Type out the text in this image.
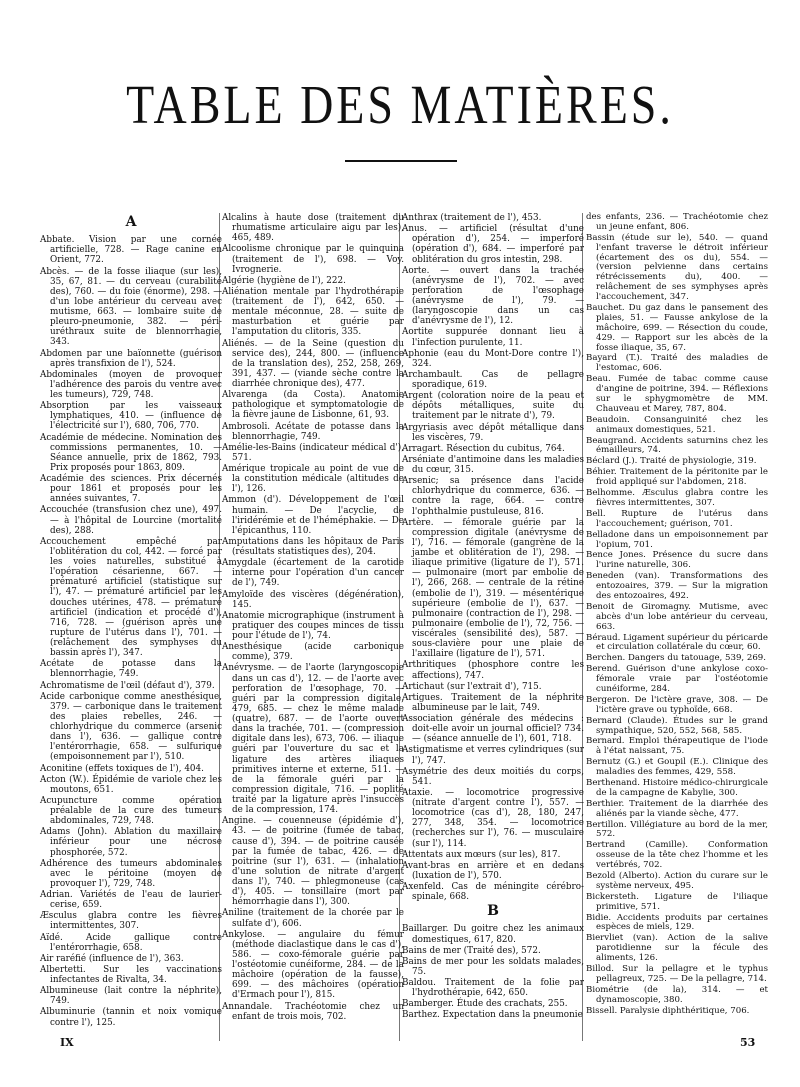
TABLE DES MATIÈRES.
A
Abbate. Vision par une cornée artificielle, 728. — Rage canine en Orient, 772.
Abcès. — de la fosse iliaque (sur les), 35, 67, 81. — du cerveau (curabilité des), 760. — du foie (énorme), 298. — d'un lobe antérieur du cerveau avec mutisme, 663. — lombaire suite de pleuro-pneumonie, 382. — péri-uréthraux suite de blennorrhagie, 343.
Abdomen par une baïonnette (guérison après transfixion de l'), 524.
Abdominales (moyen de provoquer l'adhérence des parois du ventre avec les tumeurs), 729, 748.
Absorption par les vaisseaux lymphatiques, 410. — (influence de l'électricité sur l'), 680, 706, 770.
Académie de médecine. Nomination des commissions permanentes, 10. — Séance annuelle, prix de 1862, 793. Prix proposés pour 1863, 809.
Académie des sciences. Prix décernés pour 1861 et proposés pour les années suivantes, 7.
Accouchée (transfusion chez une), 497. — à l'hôpital de Lourcine (mortalité des), 288.
Accouchement empêché par l'oblitération du col, 442. — forcé par les voies naturelles, substitué à l'opération césarienne, 667. — prématuré artificiel (statistique sur l'), 47. — prématuré artificiel par les douches utérines, 478. — prématuré artificiel (indication et procédé d'), 716, 728. — (guérison après une rupture de l'utérus dans l'), 701. — (relâchement des symphyses du bassin après l'), 347.
Acétate de potasse dans la blennorrhagie, 749.
Achromatisme de l'œil (défaut d'), 379.
Acide carbonique comme anesthésique, 379. — carbonique dans le traitement des plaies rebelles, 246. — chlorhydrique du commerce (arsenic dans l'), 636. — gallique contre l'entérorrhagie, 658. — sulfurique (empoisonnement par l'), 510.
Aconitine (effets toxiques de l'), 404.
Acton (W.). Épidémie de variole chez les moutons, 651.
Acupuncture comme opération préalable de la cure des tumeurs abdominales, 729, 748.
Adams (John). Ablation du maxillaire inférieur pour une nécrose phosphorée, 572.
Adhérence des tumeurs abdominales avec le péritoine (moyen de provoquer l'), 729, 748.
Adrian. Variétés de l'eau de laurier-cerise, 659.
Æsculus glabra contre les fièvres intermittentes, 307.
Aïdé. Acide gallique contre l'entérorrhagie, 658.
Air raréfié (influence de l'), 363.
Albertetti. Sur les vaccinations infectantes de Rivalta, 34.
Albumineuse (lait contre la néphrite), 749.
Albuminurie (tannin et noix vomique contre l'), 125.
Alcalins à haute dose (traitement du rhumatisme articulaire aigu par les), 465, 489.
Alcoolisme chronique par le quinquina (traitement de l'), 698. — Voy. Ivrognerie.
Algérie (hygiène de l'), 222.
Aliénation mentale par l'hydrothérapie (traitement de l'), 642, 650. — mentale méconnue, 28. — suite de masturbation et guérie par l'amputation du clitoris, 335.
Aliénés. — de la Seine (question du service des), 244, 800. — (influence de la translation des), 252, 258, 269, 391, 437. — (viande sèche contre la diarrhée chronique des), 477.
Alvarenga (da Costa). Anatomie pathologique et symptomatologie de la fièvre jaune de Lisbonne, 61, 93.
Ambrosoli. Acétate de potasse dans la blennorrhagie, 749.
Amélie-les-Bains (indicateur médical d'), 571.
Amérique tropicale au point de vue de la constitution médicale (altitudes de l'), 126.
Ammon (d'). Développement de l'œil humain. — De l'acyclie, de l'iridérémie et de l'héméphakie. — De l'épicanthus, 110.
Amputations dans les hôpitaux de Paris (résultats statistiques des), 204.
Amygdale (écartement de la carotide interne pour l'opération d'un cancer de l'), 749.
Amyloïde des viscères (dégénération), 145.
Anatomie micrographique (instrument à pratiquer des coupes minces de tissu pour l'étude de l'), 74.
Anesthésique (acide carbonique comme), 379.
Anévrysme. — de l'aorte (laryngoscopie dans un cas d'), 12. — de l'aorte avec perforation de l'œsophage, 70. — guéri par la compression digitale, 479, 685. — chez le même malade (quatre), 687. — de l'aorte ouvert dans la trachée, 701. — (compression digitale dans les), 673, 706. — iliaque guéri par l'ouverture du sac et la ligature des artères iliaques primitives interne et externe, 511. — de la fémorale guéri par la compression digitale, 716. — poplité traité par la ligature après l'insuccès de la compression, 174.
Angine. — couenneuse (épidémie d'), 43. — de poitrine (fumée de tabac, cause d'), 394. — de poitrine causée par la fumée de tabac, 426. — de poitrine (sur l'), 631. — (inhalation d'une solution de nitrate d'argent dans l'), 740. — phlegmoneuse (cas d'), 405. — tonsillaire (mort par hémorrhagie dans l'), 300.
Aniline (traitement de la chorée par le sulfate d'), 606.
Ankylose. — angulaire du fémur (méthode diaclastique dans le cas d'), 586. — coxo-fémorale guérie par l'ostéotomie cunéiforme, 284. — de la mâchoire (opération de la fausse), 699. — des mâchoires (opération d'Ermach pour l'), 815.
Annandale. Trachéotomie chez un enfant de trois mois, 702.
Anthrax (traitement de l'), 453.
Anus. — artificiel (résultat d'une opération d'), 254. — imperforé (opération d'), 684. — imperforé par oblitération du gros intestin, 298.
Aorte. — ouvert dans la trachée (anévrysme de l'), 702. — avec perforation de l'œsophage (anévrysme de l'), 79. — (laryngoscopie dans un cas d'anévrysme de l'), 12.
Aortite suppurée donnant lieu à l'infection purulente, 11.
Aphonie (eau du Mont-Dore contre l'), 324.
Archambault. Cas de pellagre sporadique, 619.
Argent (coloration noire de la peau et dépôts métalliques, suite du traitement par le nitrate d'), 79.
Argyriasis avec dépôt métallique dans les viscères, 79.
Arragart. Résection du cubitus, 764.
Arséniate d'antimoine dans les maladies du cœur, 315.
Arsenic; sa présence dans l'acide chlorhydrique du commerce, 636. — contre la rage, 664. — contre l'ophthalmie pustuleuse, 816.
Artère. — fémorale guérie par la compression digitale (anévrysme de l'), 716. — fémorale (gangrène de la jambe et oblitération de l'), 298. — iliaque primitive (ligature de l'), 571. — pulmonaire (mort par embolie de l'), 266, 268. — centrale de la rétine (embolie de l'), 319. — mésentérique supérieure (embolie de l'), 637. — pulmonaire (contraction de l'), 298. — pulmonaire (embolie de l'), 72, 756. — viscérales (sensibilité des), 587. — sous-clavière pour une plaie de l'axillaire (ligature de l'), 571.
Arthritiques (phosphore contre les affections), 747.
Artichaut (sur l'extrait d'), 715.
Artigues. Traitement de la néphrite albumineuse par le lait, 749.
Association générale des médecins : doit-elle avoir un journal officiel? 734. — (séance annuelle de l'), 601, 718.
Astigmatisme et verres cylindriques (sur l'), 747.
Asymétrie des deux moitiés du corps, 541.
Ataxie. — locomotrice progressive (nitrate d'argent contre l'), 557. — locomotrice (cas d'), 28, 180, 247, 277, 348, 354. — locomotrice (recherches sur l'), 76. — musculaire (sur l'), 114.
Attentats aux mœurs (sur les), 817.
Avant-bras en arrière et en dedans (luxation de l'), 570.
Axenfeld. Cas de méningite cérébro-spinale, 668.
B
Baillarger. Du goitre chez les animaux domestiques, 617, 820.
Bains de mer (Traité des), 572.
Bains de mer pour les soldats malades, 75.
Baldou. Traitement de la folie par l'hydrothérapie, 642, 650.
Bamberger. Étude des crachats, 255.
Barthez. Expectation dans la pneumonie
des enfants, 236. — Trachéotomie chez un jeune enfant, 806.
Bassin (étude sur le), 540. — quand l'enfant traverse le détroit inférieur (écartement des os du), 554. — (version pelvienne dans certains rétrécissements du), 400. — relâchement de ses symphyses après l'accouchement, 347.
Bauchet. Du gaz dans le pansement des plaies, 51. — Fausse ankylose de la mâchoire, 699. — Résection du coude, 429. — Rapport sur les abcès de la fosse iliaque, 35, 67.
Bayard (T.). Traité des maladies de l'estomac, 606.
Beau. Fumée de tabac comme cause d'angine de poitrine, 394. — Réflexions sur le sphygmomètre de MM. Chauveau et Marey, 787, 804.
Beaudoin. Consanguinité chez les animaux domestiques, 521.
Beaugrand. Accidents saturnins chez les émailleurs, 74.
Béclard (J.). Traité de physiologie, 319.
Béhier. Traitement de la péritonite par le froid appliqué sur l'abdomen, 218.
Belhomme. Æsculus glabra contre les fièvres intermittentes, 307.
Bell. Rupture de l'utérus dans l'accouchement; guérison, 701.
Belladone dans un empoisonnement par l'opium, 701.
Bence Jones. Présence du sucre dans l'urine naturelle, 306.
Beneden (van). Transformations des entozoaires, 379. — Sur la migration des entozoaires, 492.
Benoit de Giromagny. Mutisme, avec abcès d'un lobe antérieur du cerveau, 663.
Béraud. Ligament supérieur du péricarde et circulation collatérale du cœur, 60.
Berchen. Dangers du tatouage, 539, 269.
Berend. Guérison d'une ankylose coxo-fémorale vraie par l'ostéotomie cunéiforme, 284.
Bergeron. De l'ictère grave, 308. — De l'ictère grave ou typhoïde, 668.
Bernard (Claude). Études sur le grand sympathique, 520, 552, 568, 585.
Bernard. Emploi thérapeutique de l'iode à l'état naissant, 75.
Bernutz (G.) et Goupil (E.). Clinique des maladies des femmes, 429, 558.
Berthenand. Histoire médico-chirurgicale de la campagne de Kabylie, 300.
Berthier. Traitement de la diarrhée des aliénés par la viande sèche, 477.
Bertillon. Villégiature au bord de la mer, 572.
Bertrand (Camille). Conformation osseuse de la tête chez l'homme et les vertébrés, 702.
Bezold (Alberto). Action du curare sur le système nerveux, 495.
Bickersteth. Ligature de l'iliaque primitive, 571.
Bidie. Accidents produits par certaines espèces de miels, 129.
Biervliet (van). Action de la salive parotidienne sur la fécule des aliments, 126.
Billod. Sur la pellagre et le typhus pellagreux, 725. — De la pellagre, 714.
Biométrie (de la), 314. — et dynamoscopie, 380.
Bissell. Paralysie diphthéritique, 706.
IX	53
